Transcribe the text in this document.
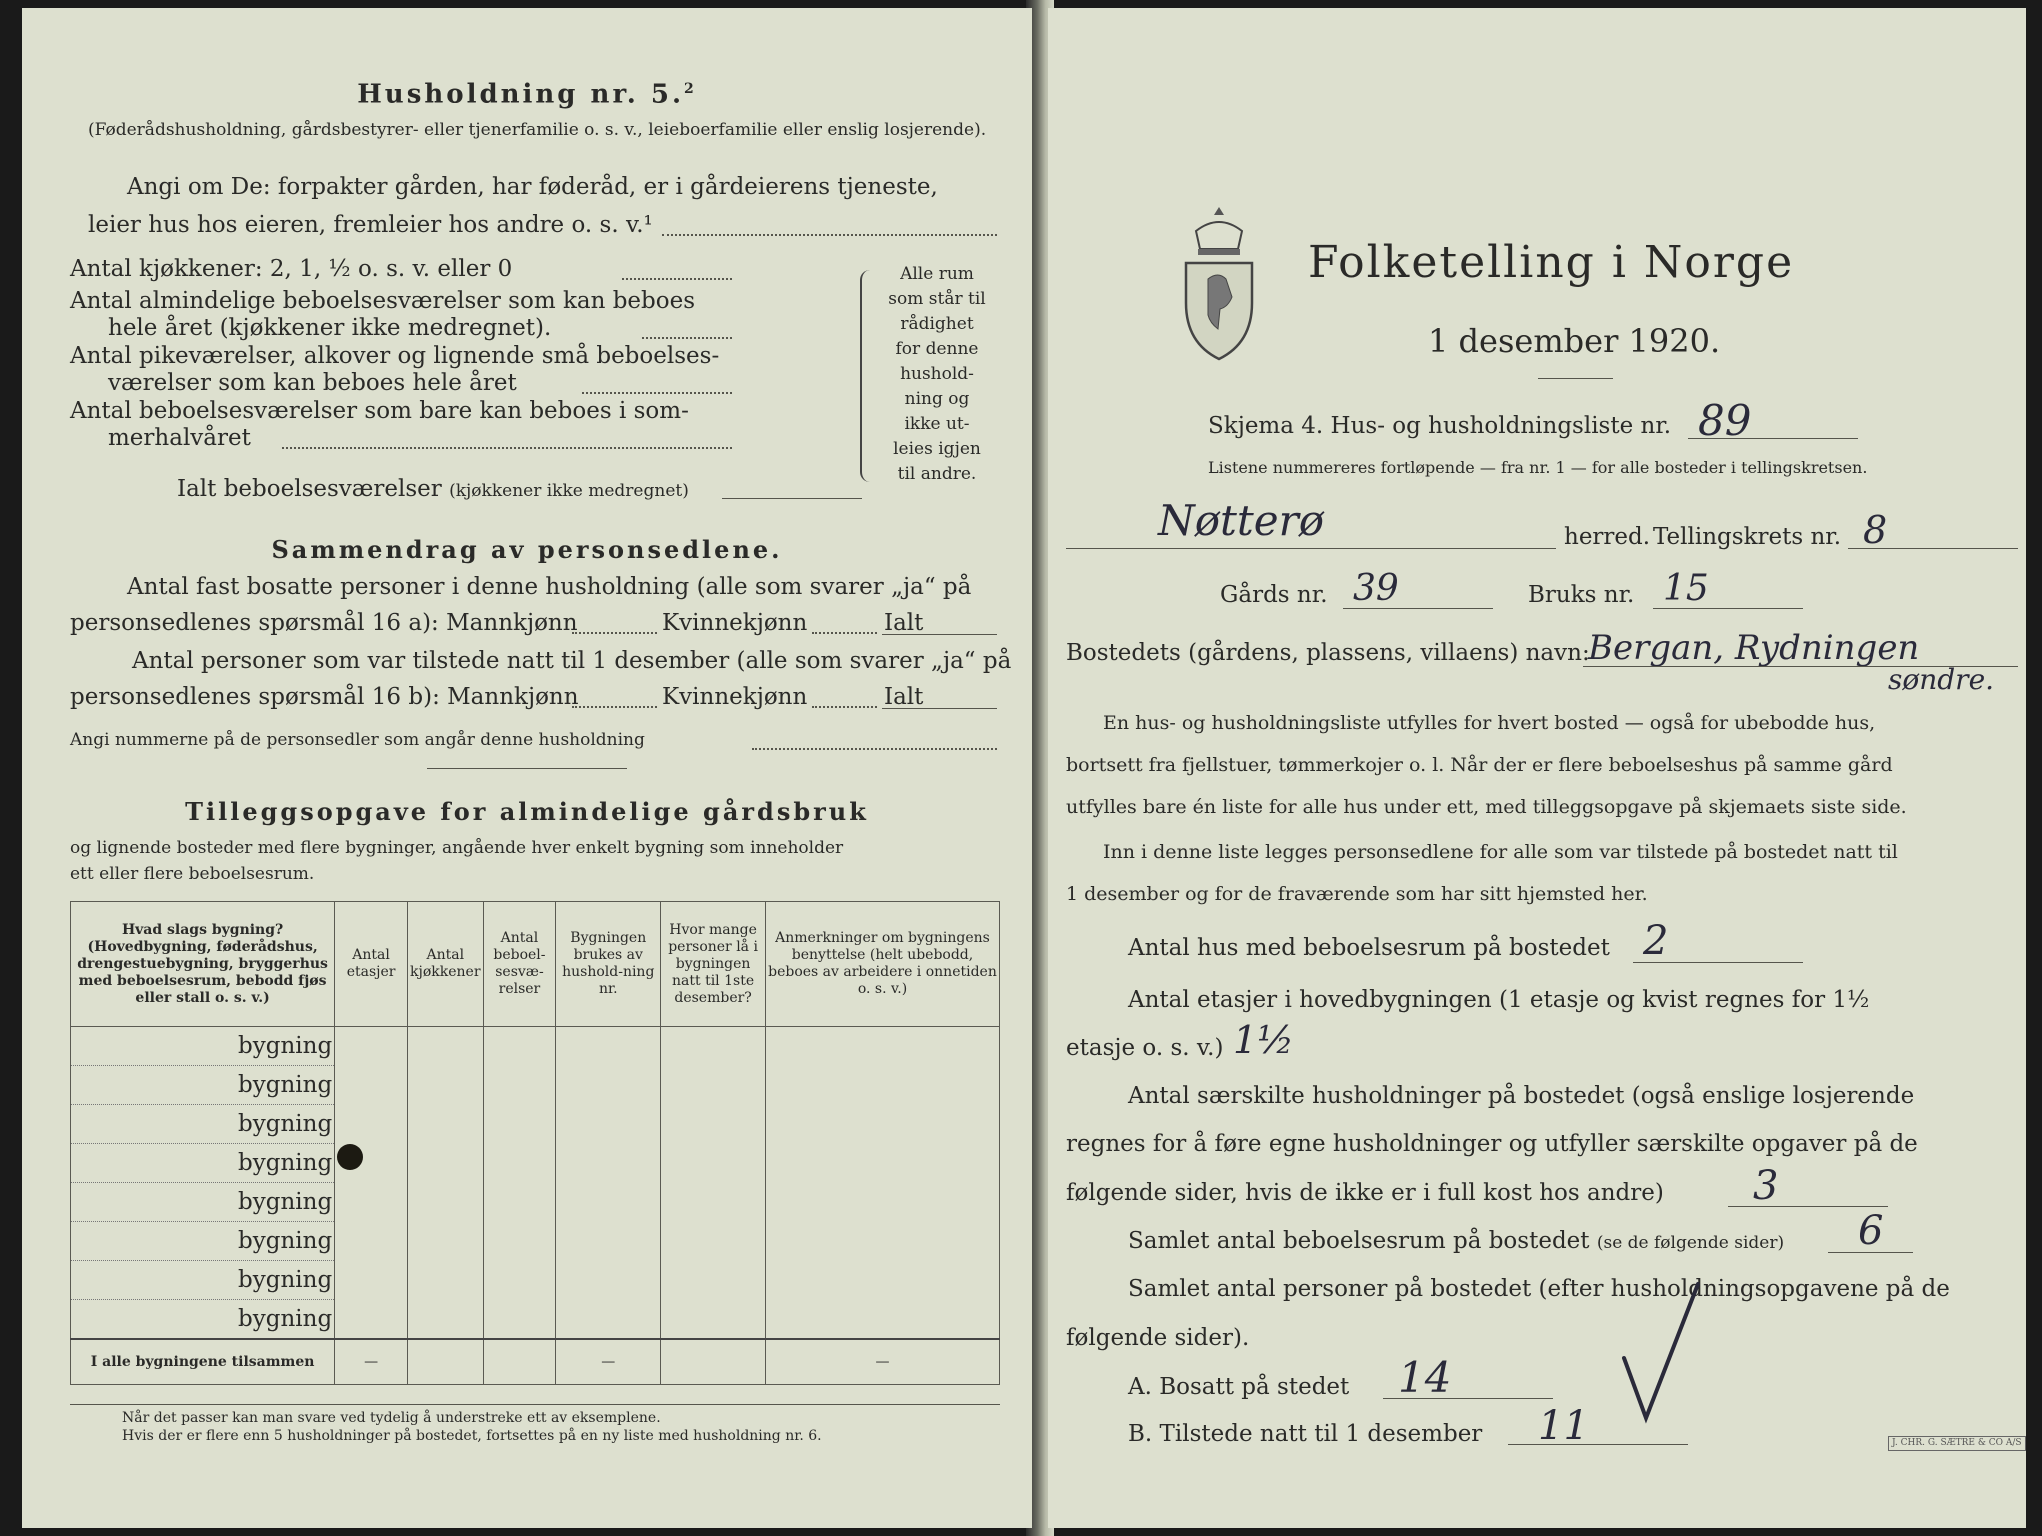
Husholdning nr. 5.$^2$
(Føderådshusholdning, gårdsbestyrer- eller tjenerfamilie o. s. v., leieboerfamilie eller enslig losjerende).
Angi om De: forpakter gården, har føderåd, er i gårdeierens tjeneste,
leier hus hos eieren, fremleier hos andre o. s. v.¹
Antal kjøkkener: 2, 1, ½ o. s. v. eller 0
Antal almindelige beboelsesværelser som kan beboes
hele året (kjøkkener ikke medregnet).
Antal pikeværelser, alkover og lignende små beboelses-
værelser som kan beboes hele året
Antal beboelsesværelser som bare kan beboes i som-
merhalvåret
Alle rum
som står til
rådighet
for denne
hushold-
ning og
ikke ut-
leies igjen
til andre.
Ialt beboelsesværelser (kjøkkener ikke medregnet)
Sammendrag av personsedlene.
Antal fast bosatte personer i denne husholdning (alle som svarer „ja“ på
personsedlenes spørsmål 16 a): Mannkjønn	Kvinnekjønn	Ialt
Antal personer som var tilstede natt til 1 desember (alle som svarer „ja“ på
personsedlenes spørsmål 16 b): Mannkjønn	Kvinnekjønn	Ialt
Angi nummerne på de personsedler som angår denne husholdning
Tilleggsopgave for almindelige gårdsbruk
og lignende bosteder med flere bygninger, angående hver enkelt bygning som inneholder
ett eller flere beboelsesrum.
Hvad slags bygning? (Hovedbygning, føderådshus, drengestuebygning, bryggerhus med beboelsesrum, bebodd fjøs eller stall o. s. v.)	Antal etasjer	Antal kjøkkener	Antal beboel-sesvæ-relser	Bygningen brukes av hushold-ning nr.	Hvor mange personer lå i bygningen natt til 1ste desember?	Anmerkninger om bygningens benyttelse (helt ubebodd, beboes av arbeidere i onnetiden o. s. v.)
bygning						
bygning						
bygning						
bygning						
bygning						
bygning						
bygning						
bygning						
I alle bygningene tilsammen	—			—		—
Når det passer kan man svare ved tydelig å understreke ett av eksemplene.
Hvis der er flere enn 5 husholdninger på bostedet, fortsettes på en ny liste med husholdning nr. 6.
Folketelling i Norge
1 desember 1920.
Skjema 4. Hus- og husholdningsliste nr. 89
Listene nummereres fortløpende — fra nr. 1 — for alle bosteder i tellingskretsen.
Nøtterø	herred. Tellingskrets nr. 8
Gårds nr. 39	Bruks nr. 15
Bostedets (gårdens, plassens, villaens) navn:
Bergan, Rydningen
søndre.
En hus- og husholdningsliste utfylles for hvert bosted — også for ubebodde hus,
bortsett fra fjellstuer, tømmerkojer o. l. Når der er flere beboelseshus på samme gård
utfylles bare én liste for alle hus under ett, med tilleggsopgave på skjemaets siste side.
Inn i denne liste legges personsedlene for alle som var tilstede på bostedet natt til
1 desember og for de fraværende som har sitt hjemsted her.
Antal hus med beboelsesrum på bostedet 2
Antal etasjer i hovedbygningen (1 etasje og kvist regnes for 1½
etasje o. s. v.) 1½
Antal særskilte husholdninger på bostedet (også enslige losjerende
regnes for å føre egne husholdninger og utfyller særskilte opgaver på de
følgende sider, hvis de ikke er i full kost hos andre) 3
Samlet antal beboelsesrum på bostedet (se de følgende sider) 6
Samlet antal personer på bostedet (efter husholdningsopgavene på de
følgende sider).
A. Bosatt på stedet 14
B. Tilstede natt til 1 desember 11	J. CHR. G. SÆTRE & CO A/S
